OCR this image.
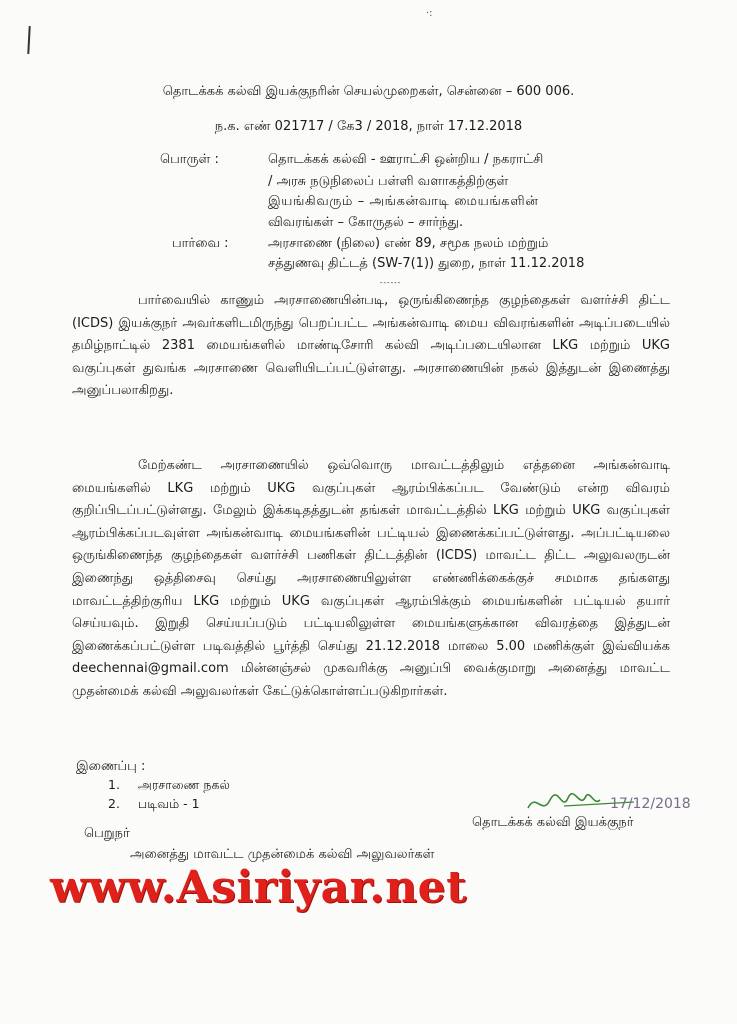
·:
தொடக்கக் கல்வி இயக்குநரின் செயல்முறைகள், சென்னை – 600 006.
ந.க. எண் 021717 / கே3 / 2018, நாள் 17.12.2018
பொருள் :	தொடக்கக் கல்வி - ஊராட்சி ஒன்றிய / நகராட்சி
/ அரசு நடுநிலைப் பள்ளி வளாகத்திற்குள்
இயங்கிவரும் – அங்கன்வாடி மையங்களின்
விவரங்கள் – கோருதல் – சார்ந்து.
பார்வை :	அரசாணை (நிலை) எண் 89, சமூக நலம் மற்றும்
சத்துணவு திட்டத் (SW-7(1)) துறை, நாள் 11.12.2018
------

பார்வையில் காணும் அரசாணையின்படி, ஒருங்கிணைந்த குழந்தைகள் வளர்ச்சி திட்ட (ICDS) இயக்குநர் அவர்களிடமிருந்து பெறப்பட்ட அங்கன்வாடி மைய விவரங்களின் அடிப்படையில் தமிழ்நாட்டில் 2381 மையங்களில் மாண்டிசோரி கல்வி அடிப்படையிலான LKG மற்றும் UKG வகுப்புகள் துவங்க அரசாணை வெளியிடப்பட்டுள்ளது. அரசாணையின் நகல் இத்துடன் இணைத்து அனுப்பலாகிறது.

மேற்கண்ட அரசாணையில் ஒவ்வொரு மாவட்டத்திலும் எத்தனை அங்கன்வாடி மையங்களில் LKG மற்றும் UKG வகுப்புகள் ஆரம்பிக்கப்பட வேண்டும் என்ற விவரம் குறிப்பிடப்பட்டுள்ளது. மேலும் இக்கடிதத்துடன் தங்கள் மாவட்டத்தில் LKG மற்றும் UKG வகுப்புகள் ஆரம்பிக்கப்படவுள்ள அங்கன்வாடி மையங்களின் பட்டியல் இணைக்கப்பட்டுள்ளது. அப்பட்டியலை ஒருங்கிணைந்த குழந்தைகள் வளர்ச்சி பணிகள் திட்டத்தின் (ICDS) மாவட்ட திட்ட அலுவலருடன் இணைந்து ஒத்திசைவு செய்து அரசாணையிலுள்ள எண்ணிக்கைக்குச் சமமாக தங்களது மாவட்டத்திற்குரிய LKG மற்றும் UKG வகுப்புகள் ஆரம்பிக்கும் மையங்களின் பட்டியல் தயார் செய்யவும். இறுதி செய்யப்படும் பட்டியலிலுள்ள மையங்களுக்கான விவரத்தை இத்துடன் இணைக்கப்பட்டுள்ள படிவத்தில் பூர்த்தி செய்து 21.12.2018 மாலை 5.00 மணிக்குள் இவ்வியக்க deechennai@gmail.com மின்னஞ்சல் முகவரிக்கு அனுப்பி வைக்குமாறு அனைத்து மாவட்ட முதன்மைக் கல்வி அலுவலர்கள் கேட்டுக்கொள்ளப்படுகிறார்கள்.

இணைப்பு :
1. அரசாணை நகல்
2. படிவம் - 1	17/12/2018
தொடக்கக் கல்வி இயக்குநர்
பெறுநர்
அனைத்து மாவட்ட முதன்மைக் கல்வி அலுவலர்கள்
www.Asiriyar.net
